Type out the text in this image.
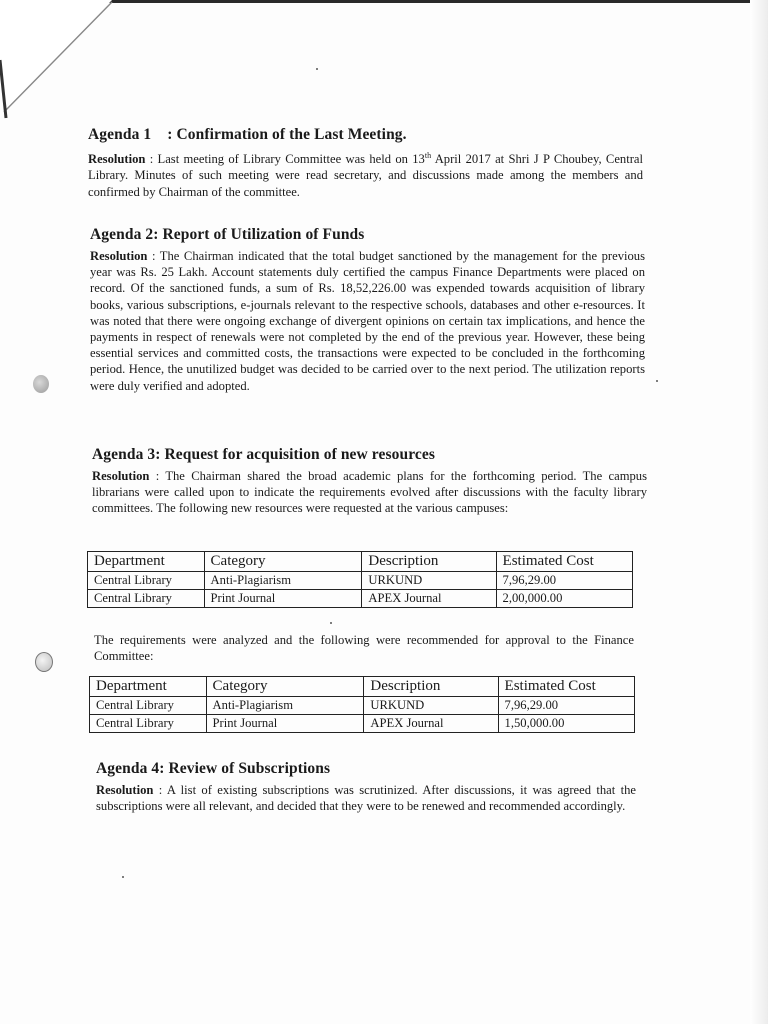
Agenda 1 : Confirmation of the Last Meeting.

Resolution : Last meeting of Library Committee was held on 13th April 2017 at Shri J P Choubey, Central Library. Minutes of such meeting were read secretary, and discussions made among the members and confirmed by Chairman of the committee.

Agenda 2: Report of Utilization of Funds

Resolution : The Chairman indicated that the total budget sanctioned by the management for the previous year was Rs. 25 Lakh. Account statements duly certified the campus Finance Departments were placed on record. Of the sanctioned funds, a sum of Rs. 18,52,226.00 was expended towards acquisition of library books, various subscriptions, e-journals relevant to the respective schools, databases and other e-resources. It was noted that there were ongoing exchange of divergent opinions on certain tax implications, and hence the payments in respect of renewals were not completed by the end of the previous year. However, these being essential services and committed costs, the transactions were expected to be concluded in the forthcoming period. Hence, the unutilized budget was decided to be carried over to the next period. The utilization reports were duly verified and adopted.

Agenda 3: Request for acquisition of new resources

Resolution : The Chairman shared the broad academic plans for the forthcoming period. The campus librarians were called upon to indicate the requirements evolved after discussions with the faculty library committees. The following new resources were requested at the various campuses:

Department	Category	Description	Estimated Cost
Central Library	Anti-Plagiarism	URKUND	7,96,29.00
Central Library	Print Journal	APEX Journal	2,00,000.00

The requirements were analyzed and the following were recommended for approval to the Finance Committee:

Department	Category	Description	Estimated Cost
Central Library	Anti-Plagiarism	URKUND	7,96,29.00
Central Library	Print Journal	APEX Journal	1,50,000.00
Agenda 4: Review of Subscriptions

Resolution : A list of existing subscriptions was scrutinized. After discussions, it was agreed that the subscriptions were all relevant, and decided that they were to be renewed and recommended accordingly.
